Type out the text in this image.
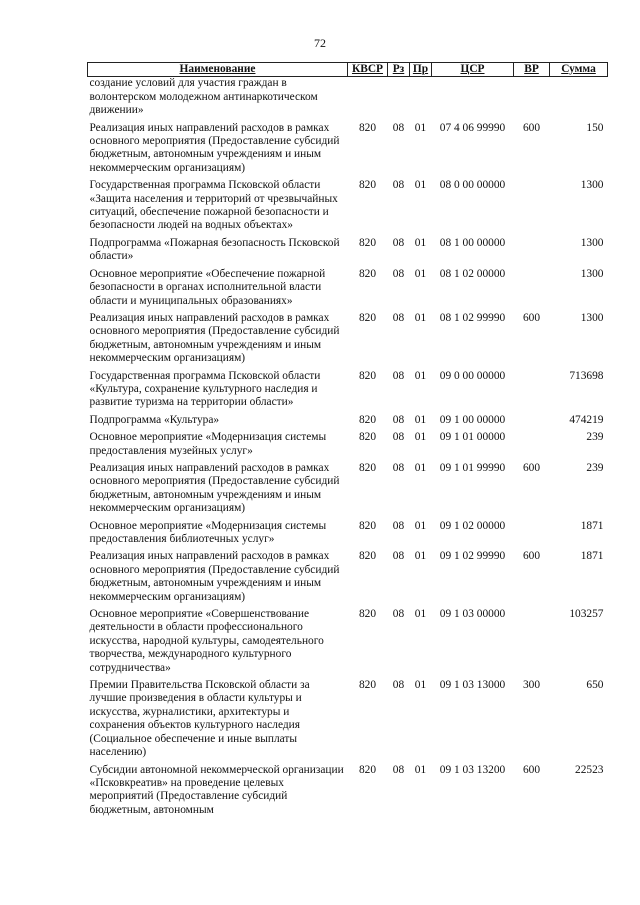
72
Наименование	КВСР	Рз	Пр	ЦСР	ВР	Сумма
создание условий для участия граждан в волонтерском молодежном антинаркотическом движении»						
Реализация иных направлений расходов в рамках основного мероприятия (Предоставление субсидий бюджетным, автономным учреждениям и иным некоммерческим организациям)	820	08	01	07 4 06 99990	600	150
Государственная программа Псковской области «Защита населения и территорий от чрезвычайных ситуаций, обеспечение пожарной безопасности и безопасности людей на водных объектах»	820	08	01	08 0 00 00000		1300
Подпрограмма «Пожарная безопасность Псковской области»	820	08	01	08 1 00 00000		1300
Основное мероприятие «Обеспечение пожарной безопасности в органах исполнительной власти области и муниципальных образованиях»	820	08	01	08 1 02 00000		1300
Реализация иных направлений расходов в рамках основного мероприятия (Предоставление субсидий бюджетным, автономным учреждениям и иным некоммерческим организациям)	820	08	01	08 1 02 99990	600	1300
Государственная программа Псковской области «Культура, сохранение культурного наследия и развитие туризма на территории области»	820	08	01	09 0 00 00000		713698
Подпрограмма «Культура»	820	08	01	09 1 00 00000		474219
Основное мероприятие «Модернизация системы предоставления музейных услуг»	820	08	01	09 1 01 00000		239
Реализация иных направлений расходов в рамках основного мероприятия (Предоставление субсидий бюджетным, автономным учреждениям и иным некоммерческим организациям)	820	08	01	09 1 01 99990	600	239
Основное мероприятие «Модернизация системы предоставления библиотечных услуг»	820	08	01	09 1 02 00000		1871
Реализация иных направлений расходов в рамках основного мероприятия (Предоставление субсидий бюджетным, автономным учреждениям и иным некоммерческим организациям)	820	08	01	09 1 02 99990	600	1871
Основное мероприятие «Совершенствование деятельности в области профессионального искусства, народной культуры, самодеятельного творчества, международного культурного сотрудничества»	820	08	01	09 1 03 00000		103257
Премии Правительства Псковской области за лучшие произведения в области культуры и искусства, журналистики, архитектуры и сохранения объектов культурного наследия (Социальное обеспечение и иные выплаты населению)	820	08	01	09 1 03 13000	300	650
Субсидии автономной некоммерческой организации «Псковкреатив» на проведение целевых мероприятий (Предоставление субсидий бюджетным, автономным	820	08	01	09 1 03 13200	600	22523
